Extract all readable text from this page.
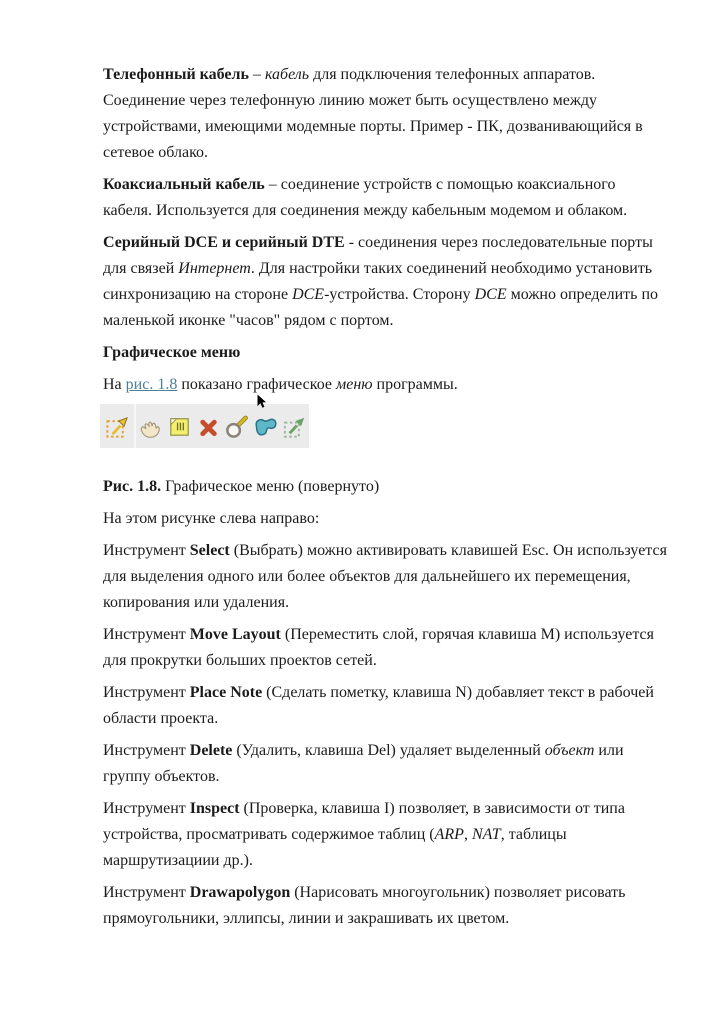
Телефонный кабель – кабель для подключения телефонных аппаратов. Соединение через телефонную линию может быть осуществлено между устройствами, имеющими модемные порты. Пример - ПК, дозванивающийся в сетевое облако.

Коаксиальный кабель – соединение устройств с помощью коаксиального кабеля. Используется для соединения между кабельным модемом и облаком.

Серийный DCE и серийный DTE - соединения через последовательные порты для связей Интернет. Для настройки таких соединений необходимо установить синхронизацию на стороне DCE-устройства. Сторону DCE можно определить по маленькой иконке "часов" рядом с портом.

Графическое меню

На рис. 1.8 показано графическое меню программы.

Рис. 1.8. Графическое меню (повернуто)

На этом рисунке слева направо:

Инструмент Select (Выбрать) можно активировать клавишей Esc. Он используется для выделения одного или более объектов для дальнейшего их перемещения, копирования или удаления.

Инструмент Move Layout (Переместить слой, горячая клавиша M) используется для прокрутки больших проектов сетей.

Инструмент Place Note (Сделать пометку, клавиша N) добавляет текст в рабочей области проекта.

Инструмент Delete (Удалить, клавиша Del) удаляет выделенный объект или группу объектов.

Инструмент Inspect (Проверка, клавиша I) позволяет, в зависимости от типа устройства, просматривать содержимое таблиц (ARP, NAT, таблицы маршрутизациии др.).

Инструмент Drawapolygon (Нарисовать многоугольник) позволяет рисовать прямоугольники, эллипсы, линии и закрашивать их цветом.
